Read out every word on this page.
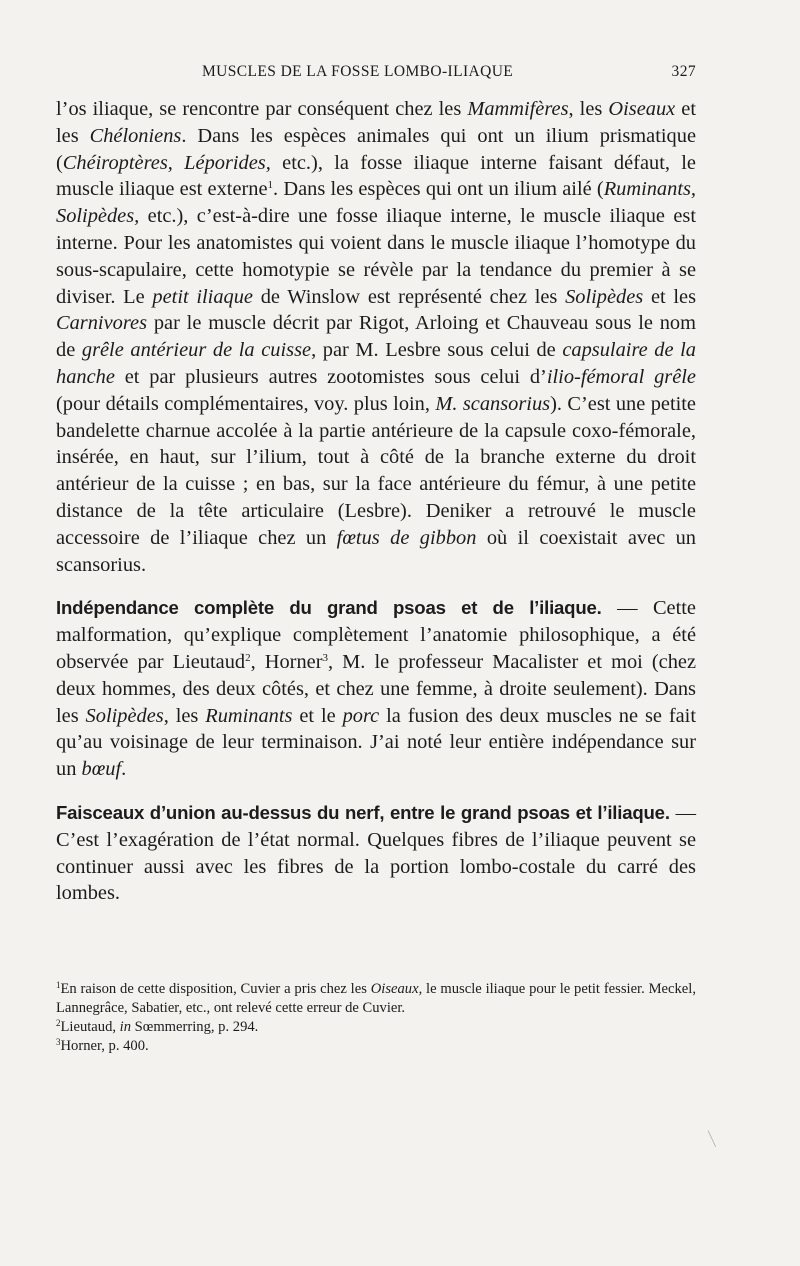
MUSCLES DE LA FOSSE LOMBO-ILIAQUE	327

l’os iliaque, se rencontre par conséquent chez les Mammifères, les Oiseaux et les Chéloniens. Dans les espèces animales qui ont un ilium prismatique (Chéiroptères, Léporides, etc.), la fosse iliaque interne faisant défaut, le muscle iliaque est externe$^1$. Dans les espèces qui ont un ilium ailé (Ruminants, Solipèdes, etc.), c’est-à-dire une fosse iliaque interne, le muscle iliaque est interne. Pour les anatomistes qui voient dans le muscle iliaque l’homotype du sous-scapulaire, cette homotypie se révèle par la tendance du premier à se diviser. Le petit iliaque de Winslow est représenté chez les Solipèdes et les Carnivores par le muscle décrit par Rigot, Arloing et Chauveau sous le nom de grêle antérieur de la cuisse, par M. Lesbre sous celui de capsulaire de la hanche et par plusieurs autres zootomistes sous celui d’ilio-fémoral grêle (pour détails complémentaires, voy. plus loin, M. scansorius). C’est une petite bandelette charnue accolée à la partie antérieure de la capsule coxo-fémorale, insérée, en haut, sur l’ilium, tout à côté de la branche externe du droit antérieur de la cuisse ; en bas, sur la face antérieure du fémur, à une petite distance de la tête articulaire (Lesbre). Deniker a retrouvé le muscle accessoire de l’iliaque chez un fœtus de gibbon où il coexistait avec un scansorius.

Indépendance complète du grand psoas et de l’iliaque. — Cette malformation, qu’explique complètement l’anatomie philosophique, a été observée par Lieutaud$^2$, Horner$^3$, M. le professeur Macalister et moi (chez deux hommes, des deux côtés, et chez une femme, à droite seulement). Dans les Solipèdes, les Ruminants et le porc la fusion des deux muscles ne se fait qu’au voisinage de leur terminaison. J’ai noté leur entière indépendance sur un bœuf.

Faisceaux d’union au-dessus du nerf, entre le grand psoas et l’iliaque. — C’est l’exagération de l’état normal. Quelques fibres de l’iliaque peuvent se continuer aussi avec les fibres de la portion lombo-costale du carré des lombes.

$^1$En raison de cette disposition, Cuvier a pris chez les Oiseaux, le muscle iliaque pour le petit fessier. Meckel, Lannegrâce, Sabatier, etc., ont relevé cette erreur de Cuvier.

$^2$Lieutaud, in Sœmmerring, p. 294.

$^3$Horner, p. 400.
